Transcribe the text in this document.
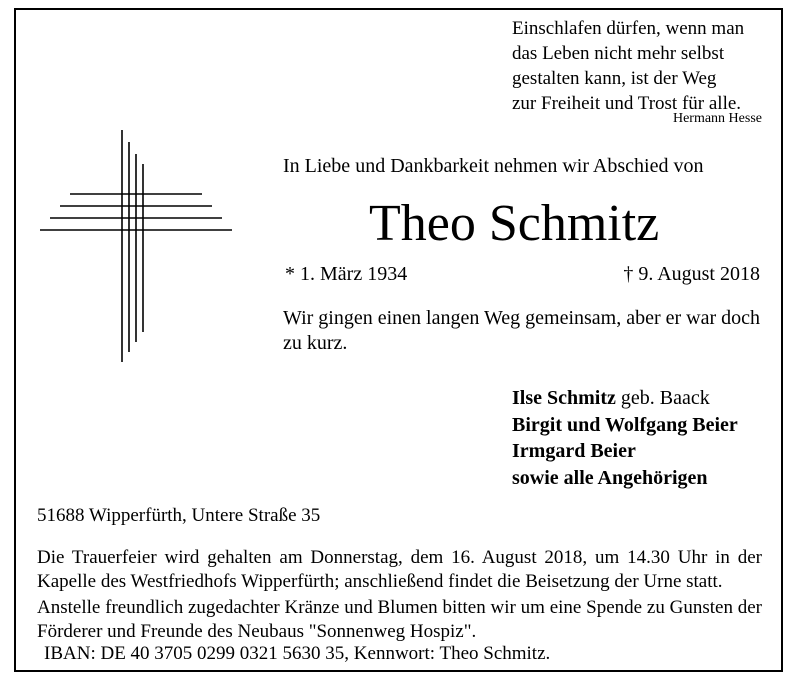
Einschlafen dürfen, wenn man
das Leben nicht mehr selbst
gestalten kann, ist der Weg
zur Freiheit und Trost für alle.
Hermann Hesse
In Liebe und Dankbarkeit nehmen wir Abschied von
Theo Schmitz
* 1. März 1934	† 9. August 2018
Wir gingen einen langen Weg gemeinsam, aber er war doch zu kurz.
Ilse Schmitz geb. Baack
Birgit und Wolfgang Beier
Irmgard Beier
sowie alle Angehörigen
51688 Wipperfürth, Untere Straße 35
Die Trauerfeier wird gehalten am Donnerstag, dem 16. August 2018, um 14.30 Uhr in der Kapelle des Westfriedhofs Wipperfürth; anschließend findet die Beisetzung der Urne statt.
Anstelle freundlich zugedachter Kränze und Blumen bitten wir um eine Spende zu Gunsten der Förderer und Freunde des Neubaus "Sonnenweg Hospiz".
IBAN: DE 40 3705 0299 0321 5630 35, Kennwort: Theo Schmitz.
